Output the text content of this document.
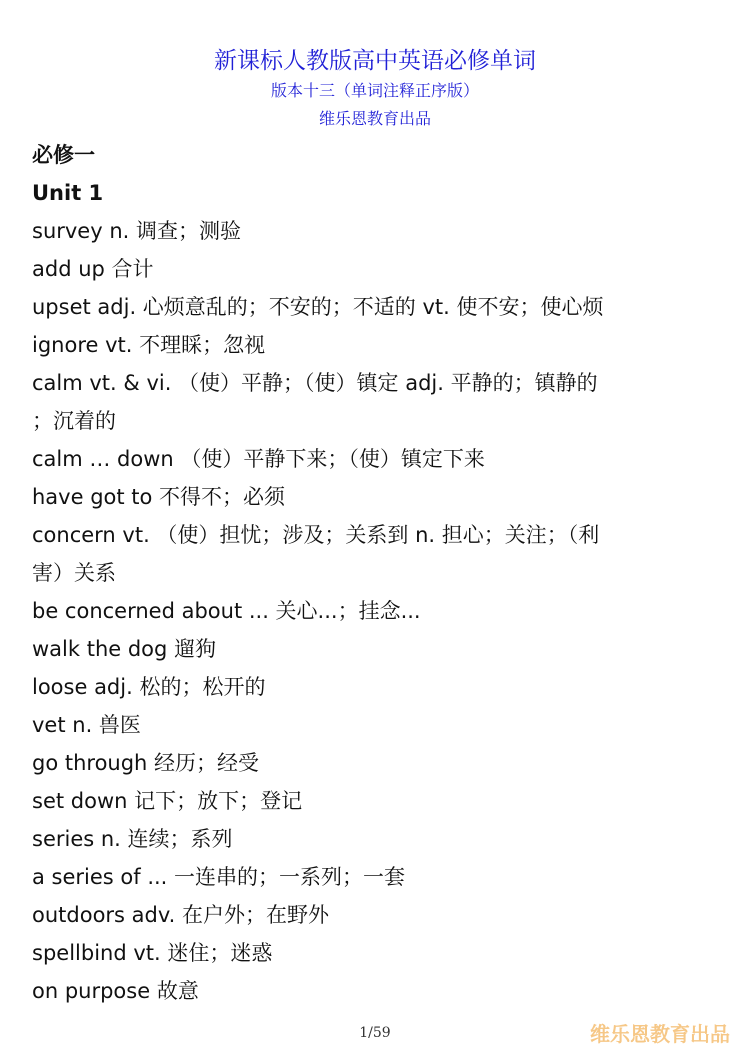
新课标人教版高中英语必修单词
版本十三（单词注释正序版）
维乐恩教育出品
必修一
Unit 1
survey n. 调查；测验
add up 合计
upset adj. 心烦意乱的；不安的；不适的 vt. 使不安；使心烦
ignore vt. 不理睬；忽视
calm vt. & vi. （使）平静；（使）镇定 adj. 平静的；镇静的
；沉着的
calm … down （使）平静下来；（使）镇定下来
have got to 不得不；必须
concern vt. （使）担忧；涉及；关系到 n. 担心；关注；（利
害）关系
be concerned about ... 关心...；挂念...
walk the dog 遛狗
loose adj. 松的；松开的
vet n. 兽医
go through 经历；经受
set down 记下；放下；登记
series n. 连续；系列
a series of ... 一连串的；一系列；一套
outdoors adv. 在户外；在野外
spellbind vt. 迷住；迷惑
on purpose 故意
1/59	维乐恩教育出品
